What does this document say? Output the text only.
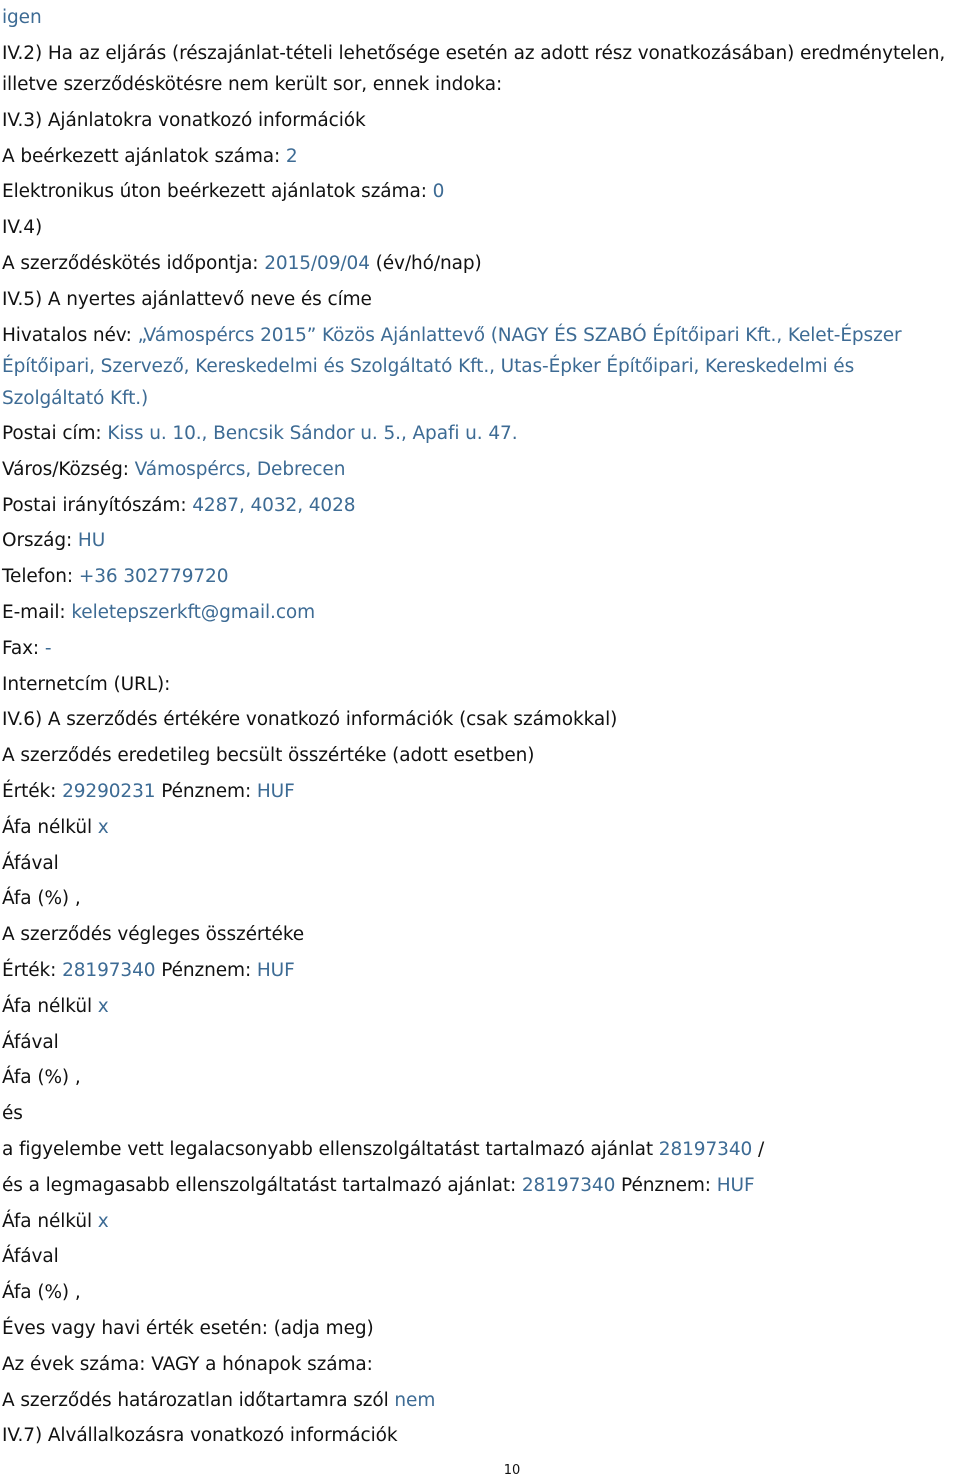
igen
IV.2) Ha az eljárás (részajánlat-tételi lehetősége esetén az adott rész vonatkozásában) eredménytelen, illetve szerződéskötésre nem került sor, ennek indoka:
IV.3) Ajánlatokra vonatkozó információk
A beérkezett ajánlatok száma: 2
Elektronikus úton beérkezett ajánlatok száma: 0
IV.4)
A szerződéskötés időpontja: 2015/09/04 (év/hó/nap)
IV.5) A nyertes ajánlattevő neve és címe
Hivatalos név: „Vámospércs 2015” Közös Ajánlattevő (NAGY ÉS SZABÓ Építőipari Kft., Kelet-Épszer Építőipari, Szervező, Kereskedelmi és Szolgáltató Kft., Utas-Épker Építőipari, Kereskedelmi és Szolgáltató Kft.)
Postai cím: Kiss u. 10., Bencsik Sándor u. 5., Apafi u. 47.
Város/Község: Vámospércs, Debrecen
Postai irányítószám: 4287, 4032, 4028
Ország: HU
Telefon: +36 302779720
E-mail: keletepszerkft@gmail.com
Fax: -
Internetcím (URL):
IV.6) A szerződés értékére vonatkozó információk (csak számokkal)
A szerződés eredetileg becsült összértéke (adott esetben)
Érték: 29290231 Pénznem: HUF
Áfa nélkül x
Áfával
Áfa (%) ,
A szerződés végleges összértéke
Érték: 28197340 Pénznem: HUF
Áfa nélkül x
Áfával
Áfa (%) ,
és
a figyelembe vett legalacsonyabb ellenszolgáltatást tartalmazó ajánlat 28197340 /
és a legmagasabb ellenszolgáltatást tartalmazó ajánlat: 28197340 Pénznem: HUF
Áfa nélkül x
Áfával
Áfa (%) ,
Éves vagy havi érték esetén: (adja meg)
Az évek száma: VAGY a hónapok száma:
A szerződés határozatlan időtartamra szól nem
IV.7) Alvállalkozásra vonatkozó információk
10
